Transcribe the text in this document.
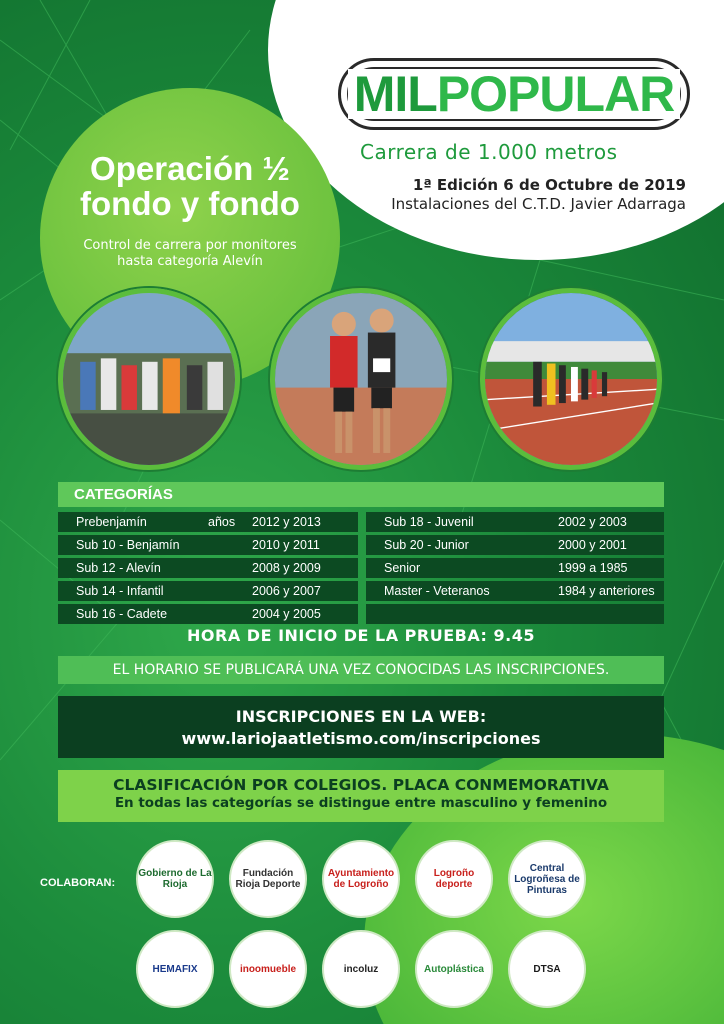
MILPOPULAR
Carrera de 1.000 metros
1ª Edición 6 de Octubre de 2019
Instalaciones del C.T.D. Javier Adarraga
Operación ½
fondo y fondo
Control de carrera por monitores
hasta categoría Alevín
CATEGORÍAS
Prebenjamín	años 2012 y 2013
Sub 10 - Benjamín	2010 y 2011
Sub 12 - Alevín	2008 y 2009
Sub 14 - Infantil	2006 y 2007
Sub 16 - Cadete	2004 y 2005
Sub 18 - Juvenil	2002 y 2003
Sub 20 - Junior	2000 y 2001
Senior	1999 a 1985
Master - Veteranos	1984 y anteriores
HORA DE INICIO DE LA PRUEBA: 9.45
EL HORARIO SE PUBLICARÁ UNA VEZ CONOCIDAS LAS INSCRIPCIONES.
INSCRIPCIONES EN LA WEB:
www.lariojaatletismo.com/inscripciones
CLASIFICACIÓN POR COLEGIOS. PLACA CONMEMORATIVA
En todas las categorías se distingue entre masculino y femenino
COLABORAN:
Gobierno de La Rioja
Fundación Rioja Deporte
Ayuntamiento de Logroño
Logroño deporte
Central Logroñesa de Pinturas
HEMAFIX	inoomueble	incoluz	Autoplástica	DTSA
